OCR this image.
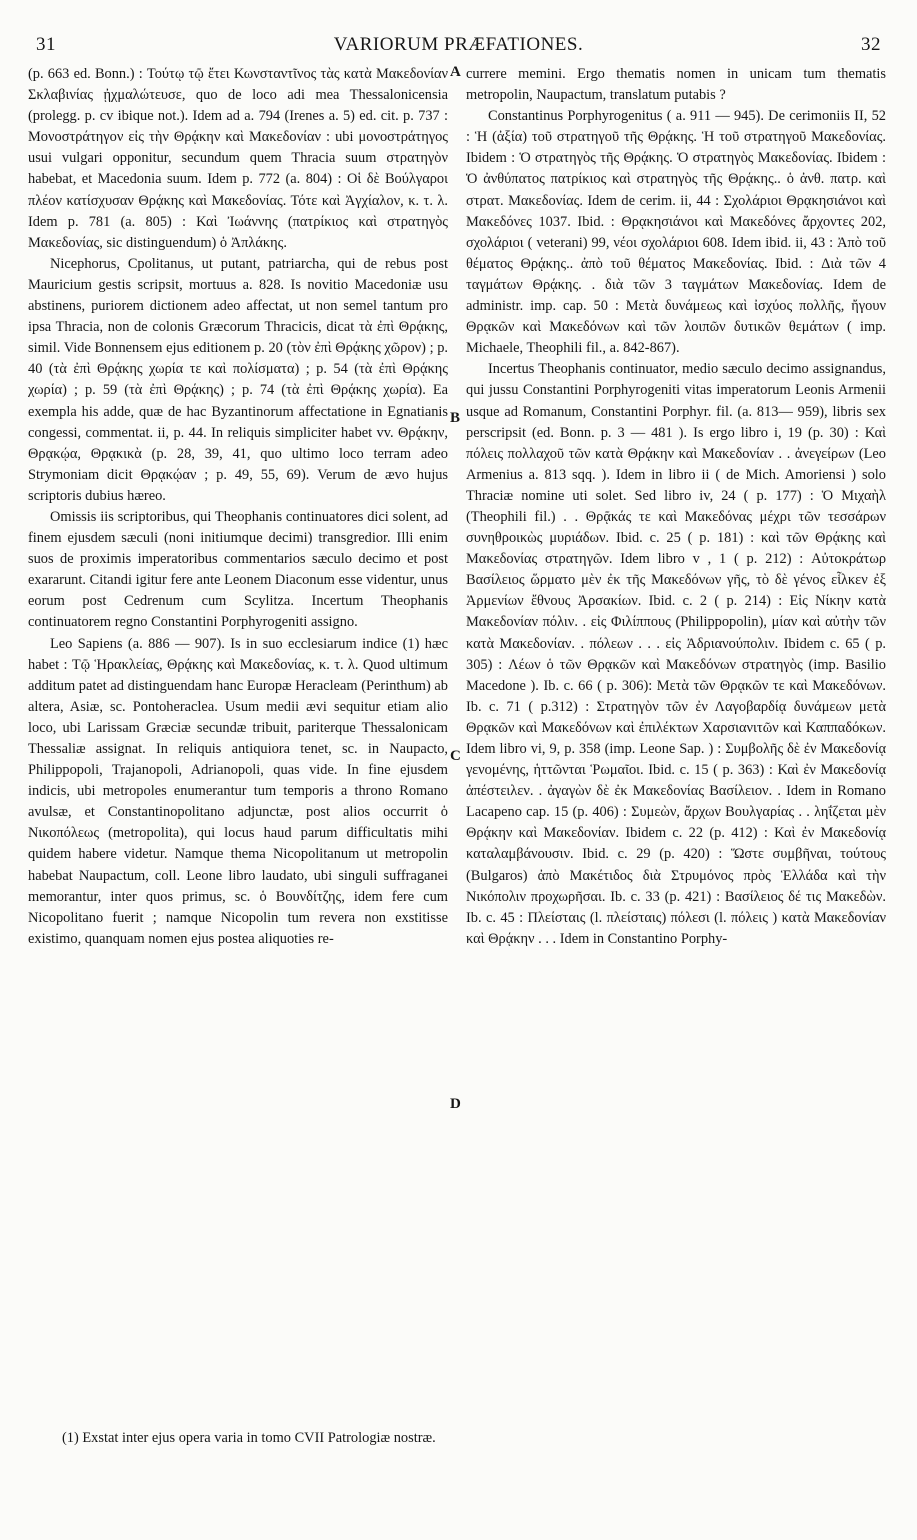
31	VARIORUM PRÆFATIONES.	32

(p. 663 ed. Bonn.) : Τούτῳ τῷ ἔτει Κωνσταντῖνος τὰς κατὰ Μακεδονίαν Σκλαβινίας ᾐχμαλώτευσε, quo de loco adi mea Thessalonicensia (prolegg. p. cv ibique not.). Idem ad a. 794 (Irenes a. 5) ed. cit. p. 737 : Μονοστράτηγον εἰς τὴν Θρᾴκην καὶ Μακεδονίαν : ubi μονοστράτηγος usui vulgari opponitur, secundum quem Thracia suum στρατηγὸν habebat, et Macedonia suum. Idem p. 772 (a. 804) : Οἱ δὲ Βούλγαροι πλέον κατίσχυσαν Θρᾴκης καὶ Μακεδονίας. Τότε καὶ Ἀγχίαλον, κ. τ. λ. Idem p. 781 (a. 805) : Καὶ Ἰωάννης (πατρίκιος καὶ στρατηγὸς Μακεδονίας, sic distinguendum) ὁ Ἀπλάκης.

Nicephorus, Cpolitanus, ut putant, patriarcha, qui de rebus post Mauricium gestis scripsit, mortuus a. 828. Is novitio Macedoniæ usu abstinens, puriorem dictionem adeo affectat, ut non semel tantum pro ipsa Thracia, non de colonis Græcorum Thracicis, dicat τὰ ἐπὶ Θρᾴκης, simil. Vide Bonnensem ejus editionem p. 20 (τὸν ἐπὶ Θρᾴκης χῶρον) ; p. 40 (τὰ ἐπὶ Θρᾴκης χωρία τε καὶ πολίσματα) ; p. 54 (τὰ ἐπὶ Θρᾴκης χωρία) ; p. 59 (τὰ ἐπὶ Θρᾴκης) ; p. 74 (τὰ ἐπὶ Θρᾴκης χωρία). Ea exempla his adde, quæ de hac Byzantinorum affectatione in Egnatianis congessi, commentat. ii, p. 44. In reliquis simpliciter habet vv. Θρᾴκην, Θρᾳκῴα, Θρᾳκικὰ (p. 28, 39, 41, quo ultimo loco terram adeo Strymoniam dicit Θρᾳκῴαν ; p. 49, 55, 69). Verum de ævo hujus scriptoris dubius hæreo.

Omissis iis scriptoribus, qui Theophanis continuatores dici solent, ad finem ejusdem sæculi (noni initiumque decimi) transgredior. Illi enim suos de proximis imperatoribus commentarios sæculo decimo et post exararunt. Citandi igitur fere ante Leonem Diaconum esse videntur, unus eorum post Cedrenum cum Scylitza. Incertum Theophanis continuatorem regno Constantini Porphyrogeniti assigno.

Leo Sapiens (a. 886 — 907). Is in suo ecclesiarum indice (1) hæc habet : Τῷ Ἡρακλείας, Θρᾴκης καὶ Μακεδονίας, κ. τ. λ. Quod ultimum additum patet ad distinguendam hanc Europæ Heracleam (Perinthum) ab altera, Asiæ, sc. Pontoheraclea. Usum medii ævi sequitur etiam alio loco, ubi Larissam Græciæ secundæ tribuit, pariterque Thessalonicam Thessaliæ assignat. In reliquis antiquiora tenet, sc. in Naupacto, Philippopoli, Trajanopoli, Adrianopoli, quas vide. In fine ejusdem indicis, ubi metropoles enumerantur tum temporis a throno Romano avulsæ, et Constantinopolitano adjunctæ, post alios occurrit ὁ Νικοπόλεως (metropolita), qui locus haud parum difficultatis mihi quidem habere videtur. Namque thema Nicopolitanum ut metropolin habebat Naupactum, coll. Leone libro laudato, ubi singuli suffraganei memorantur, inter quos primus, sc. ὁ Βουνδίτζης, idem fere cum Nicopolitano fuerit ; namque Nicopolin tum revera non exstitisse existimo, quanquam nomen ejus postea aliquoties re-

A
B
C
D

currere memini. Ergo thematis nomen in unicam tum thematis metropolin, Naupactum, translatum putabis ?

Constantinus Porphyrogenitus ( a. 911 — 945). De cerimoniis II, 52 : Ἡ (ἀξία) τοῦ στρατηγοῦ τῆς Θρᾴκης. Ἡ τοῦ στρατηγοῦ Μακεδονίας. Ibidem : Ὁ στρατηγὸς τῆς Θρᾴκης. Ὁ στρατηγὸς Μακεδονίας. Ibidem : Ὁ ἀνθύπατος πατρίκιος καὶ στρατηγὸς τῆς Θρᾴκης.. ὁ ἀνθ. πατρ. καὶ στρατ. Μακεδονίας. Idem de cerim. ii, 44 : Σχολάριοι Θρᾳκησιάνοι καὶ Μακεδόνες 1037. Ibid. : Θρᾳκησιάνοι καὶ Μακεδόνες ἄρχοντες 202, σχολάριοι ( veterani) 99, νέοι σχολάριοι 608. Idem ibid. ii, 43 : Ἀπὸ τοῦ θέματος Θρᾴκης.. ἀπὸ τοῦ θέματος Μακεδονίας. Ibid. : Διὰ τῶν 4 ταγμάτων Θρᾴκης. . διὰ τῶν 3 ταγμάτων Μακεδονίας. Idem de administr. imp. cap. 50 : Μετὰ δυνάμεως καὶ ἰσχύος πολλῆς, ἤγουν Θρᾳκῶν καὶ Μακεδόνων καὶ τῶν λοιπῶν δυτικῶν θεμάτων ( imp. Michaele, Theophili fil., a. 842-867).

Incertus Theophanis continuator, medio sæculo decimo assignandus, qui jussu Constantini Porphyrogeniti vitas imperatorum Leonis Armenii usque ad Romanum, Constantini Porphyr. fil. (a. 813— 959), libris sex perscripsit (ed. Bonn. p. 3 — 481 ). Is ergo libro i, 19 (p. 30) : Καὶ πόλεις πολλαχοῦ τῶν κατὰ Θρᾴκην καὶ Μακεδονίαν . . ἀνεγείρων (Leo Armenius a. 813 sqq. ). Idem in libro ii ( de Mich. Amoriensi ) solo Thraciæ nomine uti solet. Sed libro iv, 24 ( p. 177) : Ὁ Μιχαὴλ (Theophili fil.) . . Θρᾷκάς τε καὶ Μακεδόνας μέχρι τῶν τεσσάρων συνηθροικὼς μυριάδων. Ibid. c. 25 ( p. 181) : καὶ τῶν Θρᾴκης καὶ Μακεδονίας στρατηγῶν. Idem libro v , 1 ( p. 212) : Αὐτοκράτωρ Βασίλειος ὥρματο μὲν ἐκ τῆς Μακεδόνων γῆς, τὸ δὲ γένος εἷλκεν ἐξ Ἀρμενίων ἔθνους Ἀρσακίων. Ibid. c. 2 ( p. 214) : Εἰς Νίκην κατὰ Μακεδονίαν πόλιν. . εἰς Φιλίππους (Philippopolin), μίαν καὶ αὐτὴν τῶν κατὰ Μακεδονίαν. . πόλεων . . . εἰς Ἀδριανούπολιν. Ibidem c. 65 ( p. 305) : Λέων ὁ τῶν Θρᾳκῶν καὶ Μακεδόνων στρατηγὸς (imp. Basilio Macedone ). Ib. c. 66 ( p. 306): Μετὰ τῶν Θρᾳκῶν τε καὶ Μακεδόνων. Ib. c. 71 ( p.312) : Στρατηγὸν τῶν ἐν Λαγοβαρδίᾳ δυνάμεων μετὰ Θρᾳκῶν καὶ Μακεδόνων καὶ ἐπιλέκτων Χαρσιανιτῶν καὶ Καππαδόκων. Idem libro vi, 9, p. 358 (imp. Leone Sap. ) : Συμβολῆς δὲ ἐν Μακεδονίᾳ γενομένης, ἡττῶνται Ῥωμαῖοι. Ibid. c. 15 ( p. 363) : Καὶ ἐν Μακεδονίᾳ ἀπέστειλεν. . ἀγαγὼν δὲ ἐκ Μακεδονίας Βασίλειον. . Idem in Romano Lacapeno cap. 15 (p. 406) : Συμεὼν, ἄρχων Βουλγαρίας . . ληΐζεται μὲν Θρᾴκην καὶ Μακεδονίαν. Ibidem c. 22 (p. 412) : Καὶ ἐν Μακεδονίᾳ καταλαμβάνουσιν. Ibid. c. 29 (p. 420) : Ὥστε συμβῆναι, τούτους (Bulgaros) ἀπὸ Μακέτιδος διὰ Στρυμόνος πρὸς Ἑλλάδα καὶ τὴν Νικόπολιν προχωρῆσαι. Ib. c. 33 (p. 421) : Βασίλειος δέ τις Μακεδὼν. Ib. c. 45 : Πλείσταις (l. πλείσταις) πόλεσι (l. πόλεις ) κατὰ Μακεδονίαν καὶ Θρᾴκην . . . Idem in Constantino Porphy-

(1) Exstat inter ejus opera varia in tomo CVII Patrologiæ nostræ.
